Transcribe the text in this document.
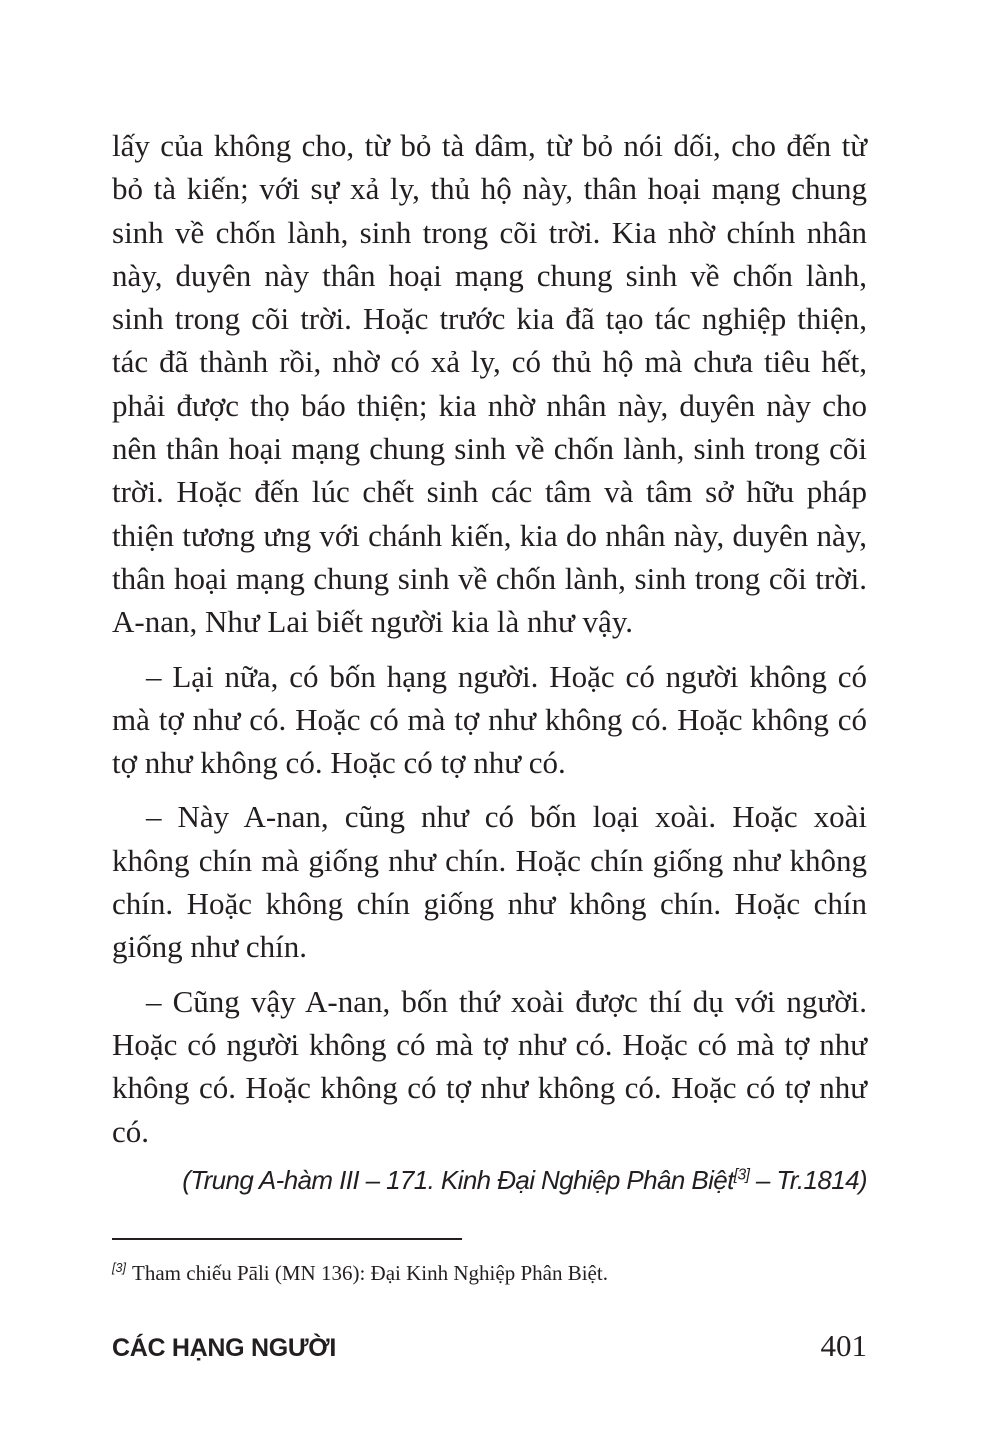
lấy của không cho, từ bỏ tà dâm, từ bỏ nói dối, cho đến từ bỏ tà kiến; với sự xả ly, thủ hộ này, thân hoại mạng chung sinh về chốn lành, sinh trong cõi trời. Kia nhờ chính nhân này, duyên này thân hoại mạng chung sinh về chốn lành, sinh trong cõi trời. Hoặc trước kia đã tạo tác nghiệp thiện, tác đã thành rồi, nhờ có xả ly, có thủ hộ mà chưa tiêu hết, phải được thọ báo thiện; kia nhờ nhân này, duyên này cho nên thân hoại mạng chung sinh về chốn lành, sinh trong cõi trời. Hoặc đến lúc chết sinh các tâm và tâm sở hữu pháp thiện tương ưng với chánh kiến, kia do nhân này, duyên này, thân hoại mạng chung sinh về chốn lành, sinh trong cõi trời. A-nan, Như Lai biết người kia là như vậy.

– Lại nữa, có bốn hạng người. Hoặc có người không có mà tợ như có. Hoặc có mà tợ như không có. Hoặc không có tợ như không có. Hoặc có tợ như có.

– Này A-nan, cũng như có bốn loại xoài. Hoặc xoài không chín mà giống như chín. Hoặc chín giống như không chín. Hoặc không chín giống như không chín. Hoặc chín giống như chín.

– Cũng vậy A-nan, bốn thứ xoài được thí dụ với người. Hoặc có người không có mà tợ như có. Hoặc có mà tợ như không có. Hoặc không có tợ như không có. Hoặc có tợ như có.

(Trung A-hàm III – 171. Kinh Đại Nghiệp Phân Biệt[3] – Tr.1814)
[3] Tham chiếu Pāli (MN 136): Đại Kinh Nghiệp Phân Biệt.
CÁC HẠNG NGƯỜI	401
